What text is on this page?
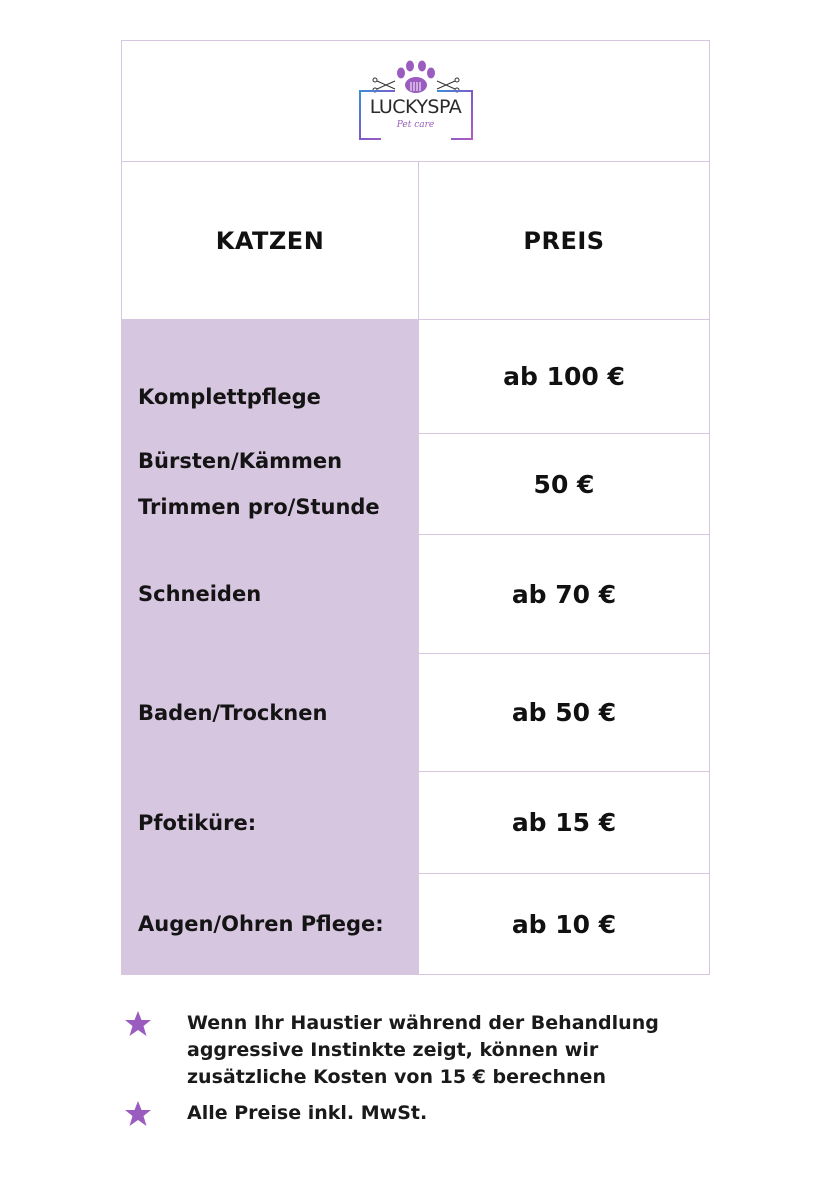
LUCKYSPA
Pet care	

KATZEN	PREIS

Komplettpflege	ab 100 €

Bürsten/Kämmen
Trimmen pro/Stunde	50 €

Schneiden	ab 70 €

Baden/Trocknen	ab 50 €

Pfotiküre:	ab 15 €

Augen/Ohren Pflege:	ab 10 €
Wenn Ihr Haustier während der Behandlung
aggressive Instinkte zeigt, können wir
zusätzliche Kosten von 15 € berechnen
Alle Preise inkl. MwSt.
